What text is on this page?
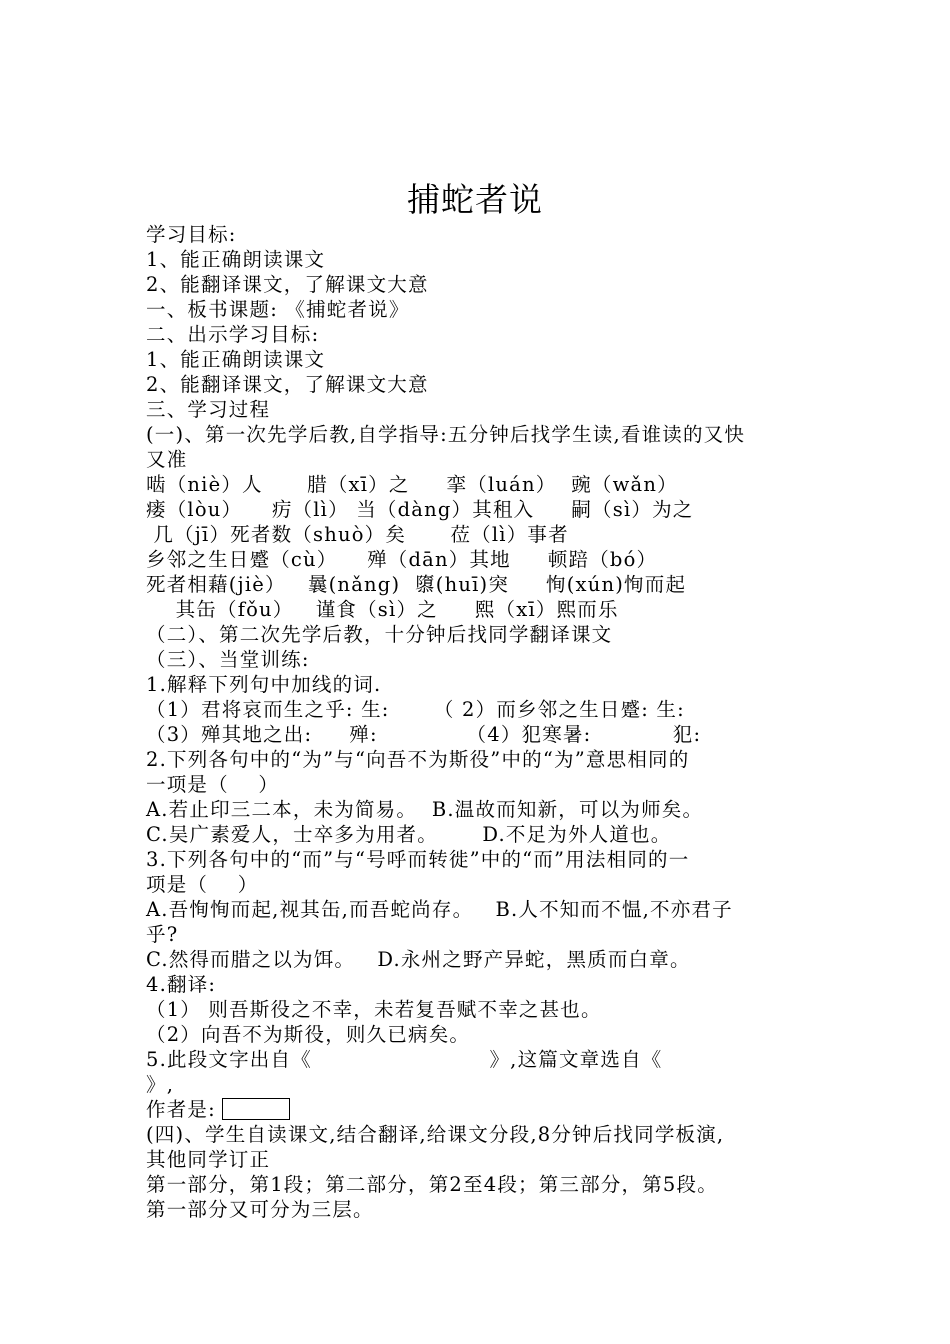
捕蛇者说
学习目标:
1、能正确朗读课文
2、能翻译课文，了解课文大意
一、板书课题: 《捕蛇者说》
二、出示学习目标:
1、能正确朗读课文
2、能翻译课文，了解课文大意
三、学习过程
(一)、第一次先学后教,自学指导:五分钟后找学生读,看谁读的又快
又准
啮（niè）人      腊（xī）之     挛（luán）  豌（wǎn）
瘘（lòu）    疠（lì） 当（dàng）其租入     嗣（sì）为之
几（jī）死者数（shuò）矣      莅（lì）事者
乡邻之生日蹙（cù）    殚（dān）其地     顿踣（bó）
死者相藉(jiè）   曩(nǎng)  隳(huī)突     恂(xún)恂而起
其缶（fǒu）   谨食（sì）之     熙（xī）熙而乐
（二）、第二次先学后教，十分钟后找同学翻译课文
（三）、当堂训练:
1.解释下列句中加线的词.
（1）君将哀而生之乎: 生:      （ 2）而乡邻之生日蹙: 生:
（3）殚其地之出:     殚:            （4）犯寒暑:           犯:
2.下列各句中的“为”与“向吾不为斯役”中的“为”意思相同的
一项是（    ）
A.若止印三二本，未为简易。  B.温故而知新，可以为师矣。
C.吴广素爱人，士卒多为用者。      D.不足为外人道也。
3.下列各句中的“而”与“号呼而转徙”中的“而”用法相同的一
项是（    ）
A.吾恂恂而起,视其缶,而吾蛇尚存。   B.人不知而不愠,不亦君子
乎?
C.然得而腊之以为饵。   D.永州之野产异蛇，黑质而白章。
4.翻译:
（1） 则吾斯役之不幸，未若复吾赋不幸之甚也。
（2）向吾不为斯役，则久已病矣。
5.此段文字出自《                        》,这篇文章选自《
》,
作者是:
(四)、学生自读课文,结合翻译,给课文分段,8分钟后找同学板演,
其他同学订正
第一部分，第1段；第二部分，第2至4段；第三部分，第5段。
第一部分又可分为三层。
